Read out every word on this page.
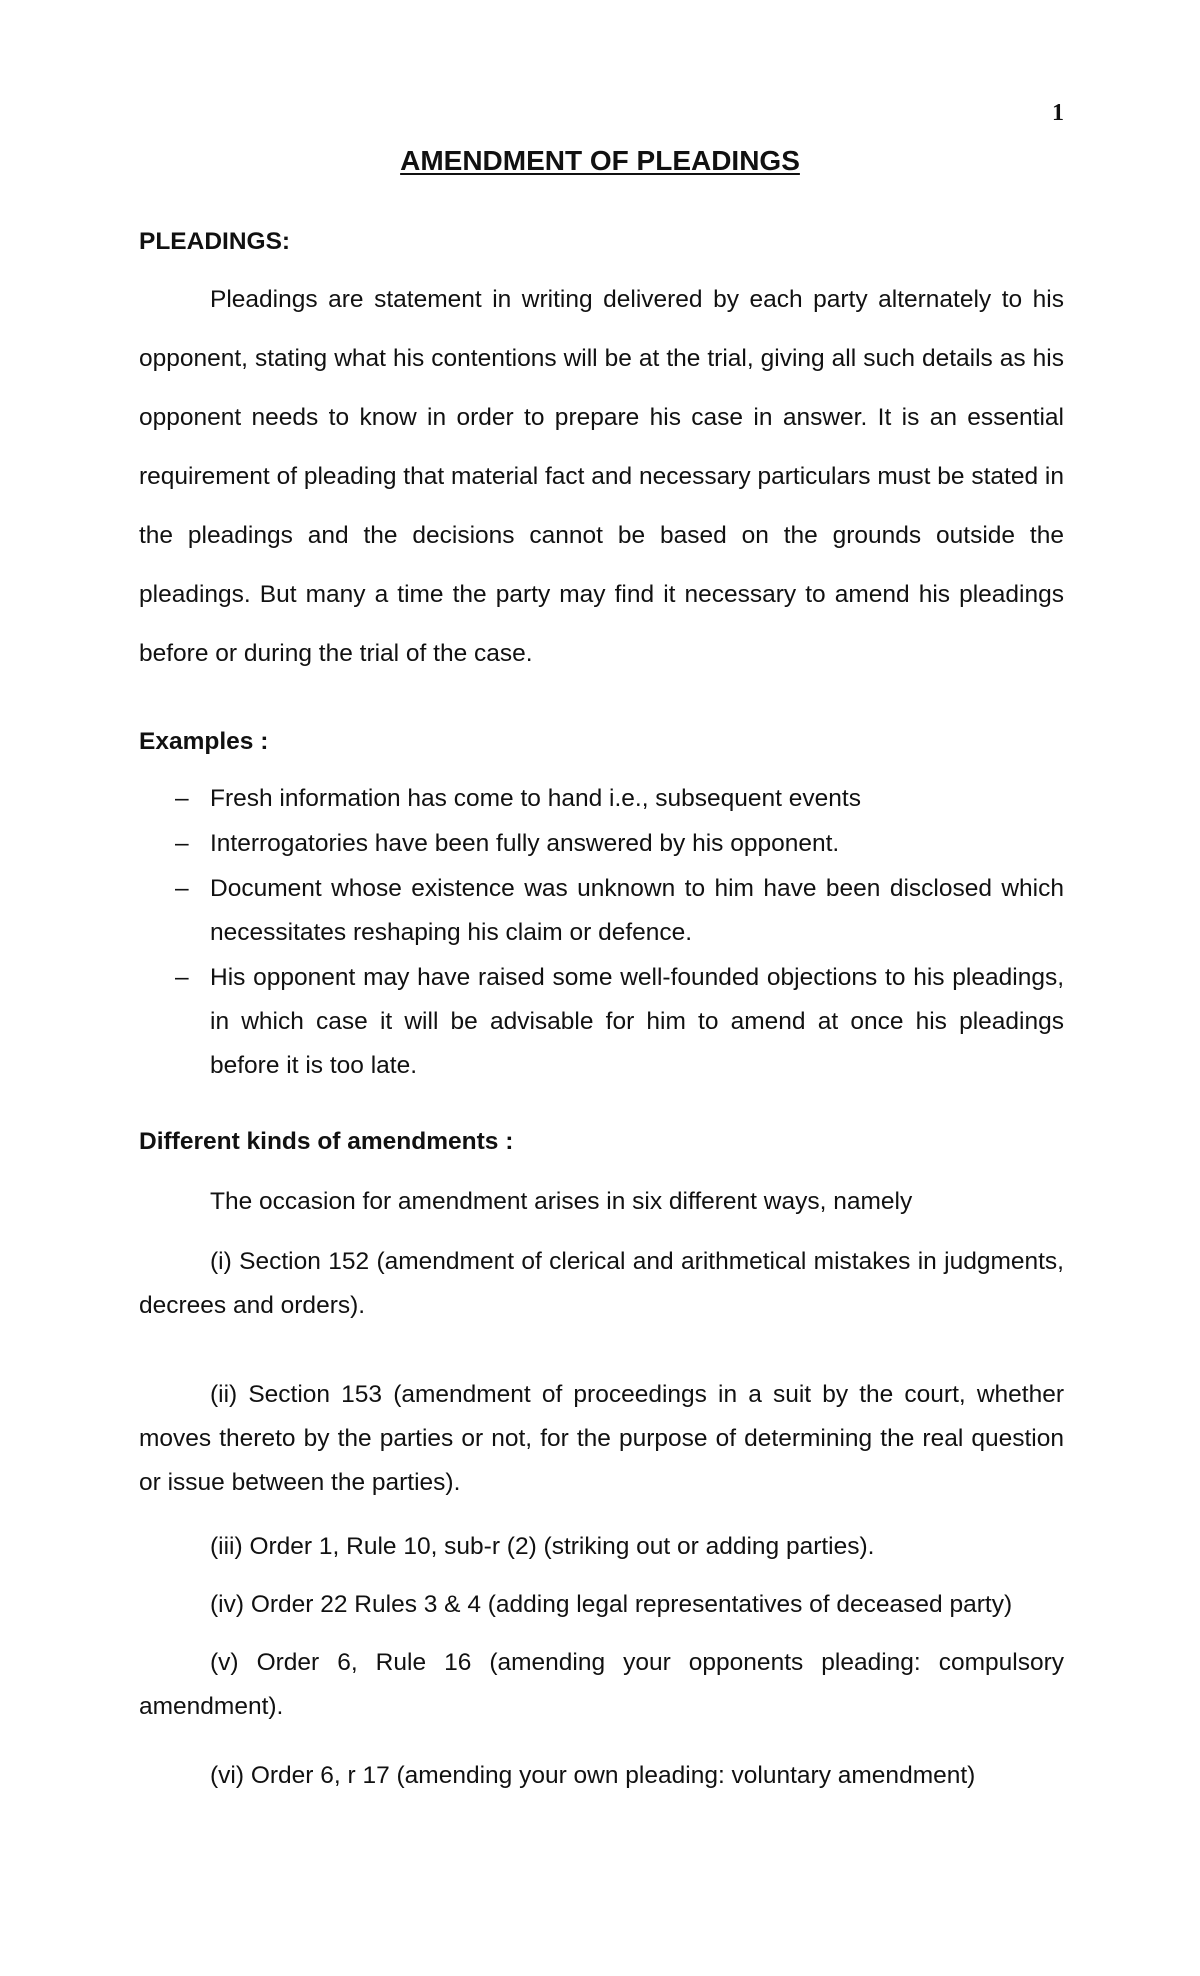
1
AMENDMENT OF PLEADINGS
PLEADINGS:

Pleadings are statement in writing delivered by each party alternately to his opponent, stating what his contentions will be at the trial, giving all such details as his opponent needs to know in order to prepare his case in answer. It is an essential requirement of pleading that material fact and necessary particulars must be stated in the pleadings and the decisions cannot be based on the grounds outside the pleadings. But many a time the party may find it necessary to amend his pleadings before or during the trial of the case.

Examples :
– Fresh information has come to hand i.e., subsequent events
– Interrogatories have been fully answered by his opponent.
– Document whose existence was unknown to him have been disclosed which necessitates reshaping his claim or defence.
– His opponent may have raised some well-founded objections to his pleadings, in which case it will be advisable for him to amend at once his pleadings before it is too late.
Different kinds of amendments :

The occasion for amendment arises in six different ways, namely

(i) Section 152 (amendment of clerical and arithmetical mistakes in judgments, decrees and orders).

(ii) Section 153 (amendment of proceedings in a suit by the court, whether moves thereto by the parties or not, for the purpose of determining the real question or issue between the parties).

(iii) Order 1, Rule 10, sub-r (2) (striking out or adding parties).

(iv) Order 22 Rules 3 & 4 (adding legal representatives of deceased party)

(v) Order 6, Rule 16 (amending your opponents pleading: compulsory amendment).

(vi) Order 6, r 17 (amending your own pleading: voluntary amendment)
